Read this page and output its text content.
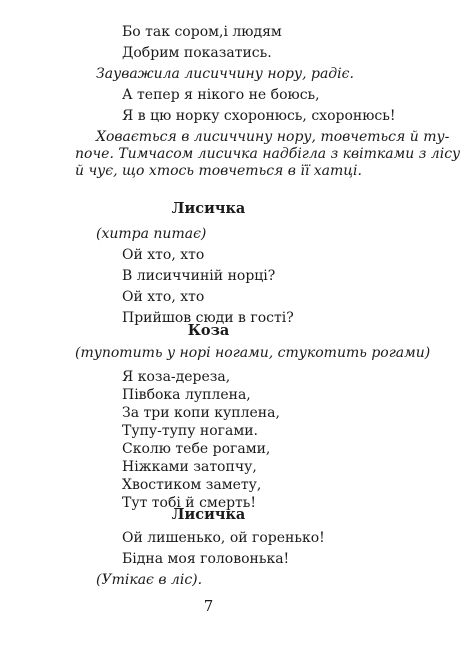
Бо так сором,і людям
Добрим показатись.
Зауважила лисиччину нору, радіє.
А тепер я нікого не боюсь,
Я в цю норку схоронюсь, схоронюсь!
Ховається в лисиччину нору, товчеться й ту-
поче. Тимчасом лисичка надбігла з квітками з лісу
й чує, що хтось товчеться в її хатці.
Лисичка
(хитра питає)
Ой хто, хто
В лисиччиній норці?
Ой хто, хто
Прийшов сюди в гості?
Коза
(тупотить у норі ногами, стукотить рогами)
Я коза-дереза,
Півбока луплена,
За три копи куплена,
Тупу-тупу ногами.
Сколю тебе рогами,
Ніжками затопчу,
Хвостиком замету,
Тут тобі й смерть!
Лисичка
Ой лишенько, ой горенько!
Бідна моя головонька!
(Утікає в ліс).
7
